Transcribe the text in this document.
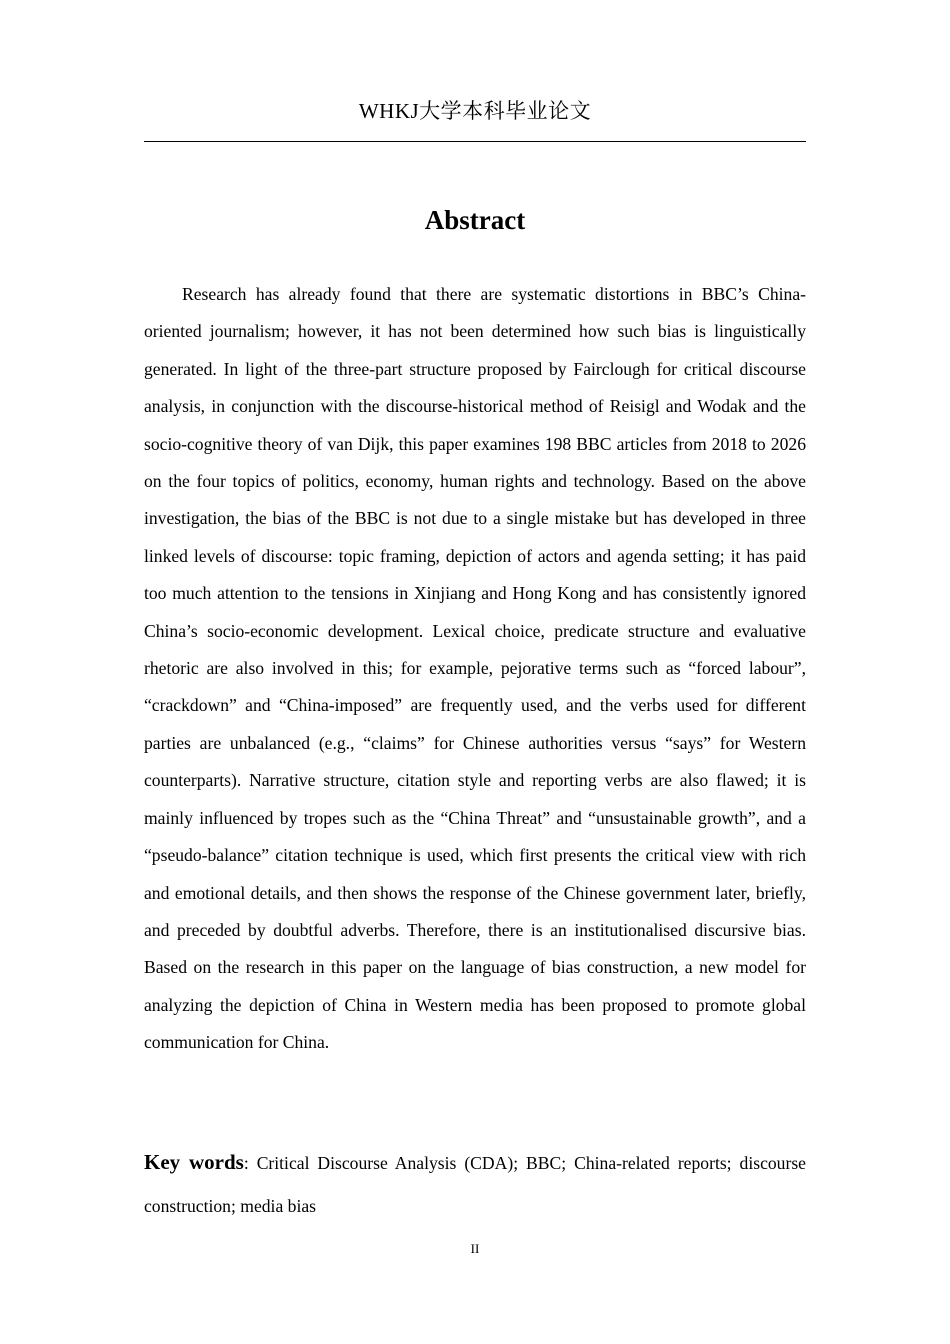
WHKJ大学本科毕业论文
Abstract

Research has already found that there are systematic distortions in BBC’s China-oriented journalism; however, it has not been determined how such bias is linguistically generated. In light of the three-part structure proposed by Fairclough for critical discourse analysis, in conjunction with the discourse-historical method of Reisigl and Wodak and the socio-cognitive theory of van Dijk, this paper examines 198 BBC articles from 2018 to 2026 on the four topics of politics, economy, human rights and technology. Based on the above investigation, the bias of the BBC is not due to a single mistake but has developed in three linked levels of discourse: topic framing, depiction of actors and agenda setting; it has paid too much attention to the tensions in Xinjiang and Hong Kong and has consistently ignored China’s socio-economic development. Lexical choice, predicate structure and evaluative rhetoric are also involved in this; for example, pejorative terms such as “forced labour”, “crackdown” and “China-imposed” are frequently used, and the verbs used for different parties are unbalanced (e.g., “claims” for Chinese authorities versus “says” for Western counterparts). Narrative structure, citation style and reporting verbs are also flawed; it is mainly influenced by tropes such as the “China Threat” and “unsustainable growth”, and a “pseudo-balance” citation technique is used, which first presents the critical view with rich and emotional details, and then shows the response of the Chinese government later, briefly, and preceded by doubtful adverbs. Therefore, there is an institutionalised discursive bias. Based on the research in this paper on the language of bias construction, a new model for analyzing the depiction of China in Western media has been proposed to promote global communication for China.

Key words: Critical Discourse Analysis (CDA); BBC; China-related reports; discourse construction; media bias

II
